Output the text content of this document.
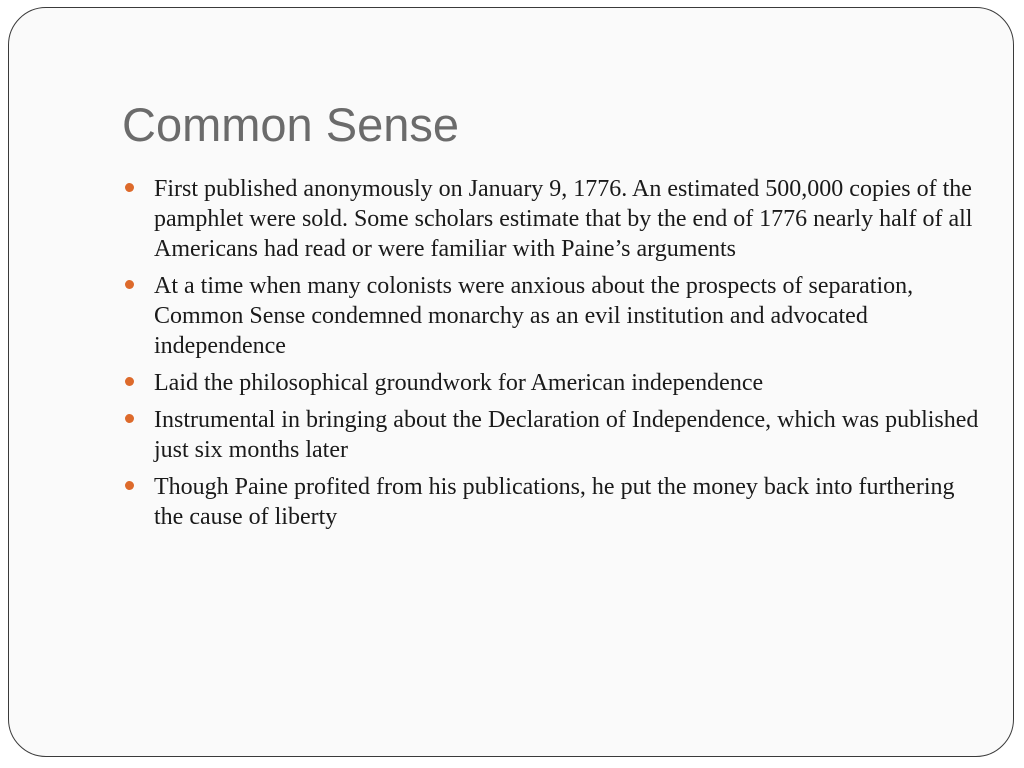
Common Sense
First published anonymously on January 9, 1776. An estimated 500,000 copies of the pamphlet were sold. Some scholars estimate that by the end of 1776 nearly half of all Americans had read or were familiar with Paine’s arguments
At a time when many colonists were anxious about the prospects of separation, Common Sense condemned monarchy as an evil institution and advocated independence
Laid the philosophical groundwork for American independence
Instrumental in bringing about the Declaration of Independence, which was published just six months later
Though Paine profited from his publications, he put the money back into furthering the cause of liberty
